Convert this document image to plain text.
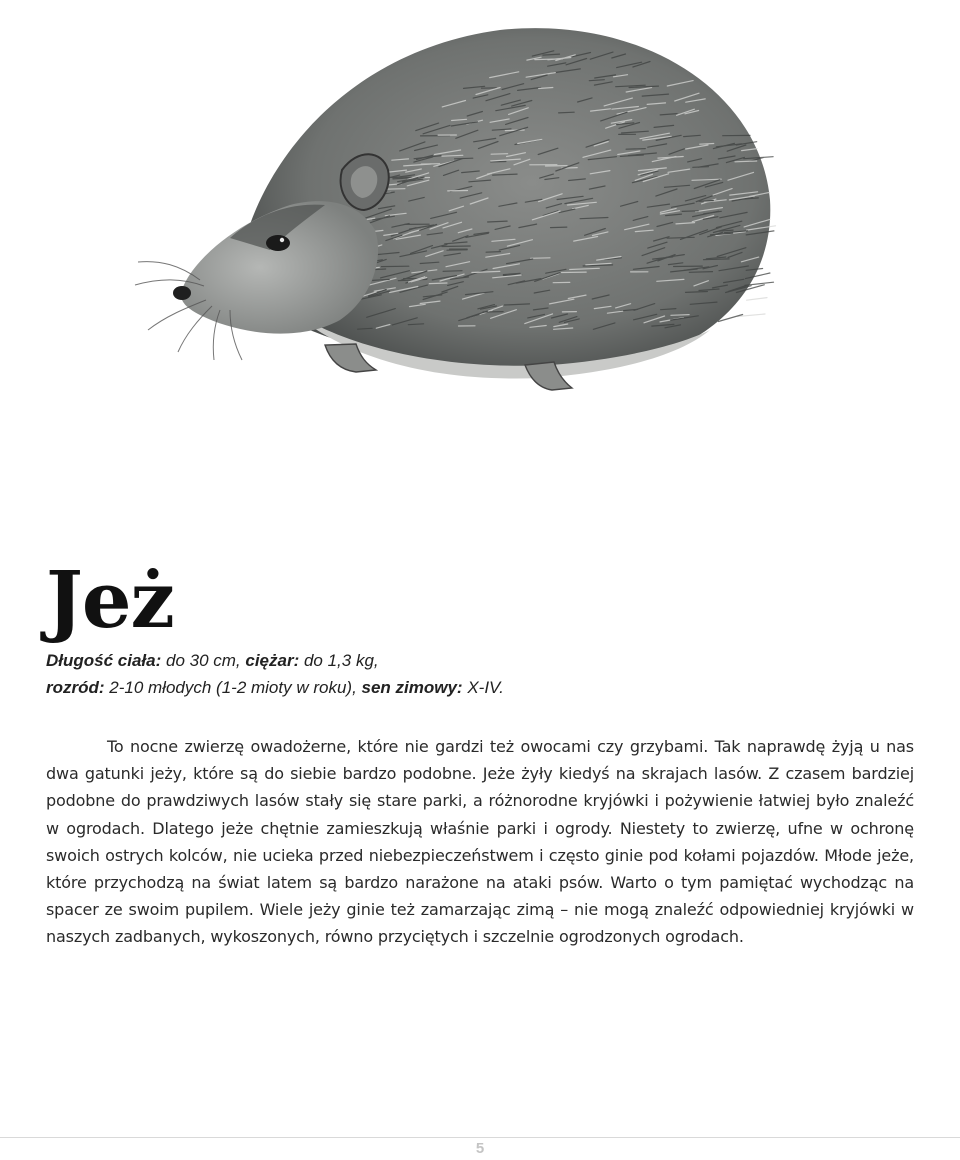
Jeż
Długość ciała: do 30 cm, ciężar: do 1,3 kg,
rozród: 2-10 młodych (1-2 mioty w roku), sen zimowy: X-IV.

To nocne zwierzę owadożerne, które nie gardzi też owocami czy grzybami. Tak naprawdę żyją u nas dwa gatunki jeży, które są do siebie bardzo podobne. Jeże żyły kiedyś na skrajach lasów. Z czasem bardziej podobne do prawdziwych lasów stały się stare parki, a różnorodne kryjówki i pożywienie łatwiej było znaleźć w ogrodach. Dlatego jeże chętnie zamieszkują właśnie parki i ogrody. Niestety to zwierzę, ufne w ochronę swoich ostrych kolców, nie ucieka przed niebezpieczeństwem i często ginie pod kołami pojazdów. Młode jeże, które przychodzą na świat latem są bardzo narażone na ataki psów. Warto o tym pamiętać wychodząc na spacer ze swoim pupilem. Wiele jeży ginie też zamarzając zimą – nie mogą znaleźć odpowiedniej kryjówki w naszych zadbanych, wykoszonych, równo przyciętych i szczelnie ogrodzonych ogrodach.

5
